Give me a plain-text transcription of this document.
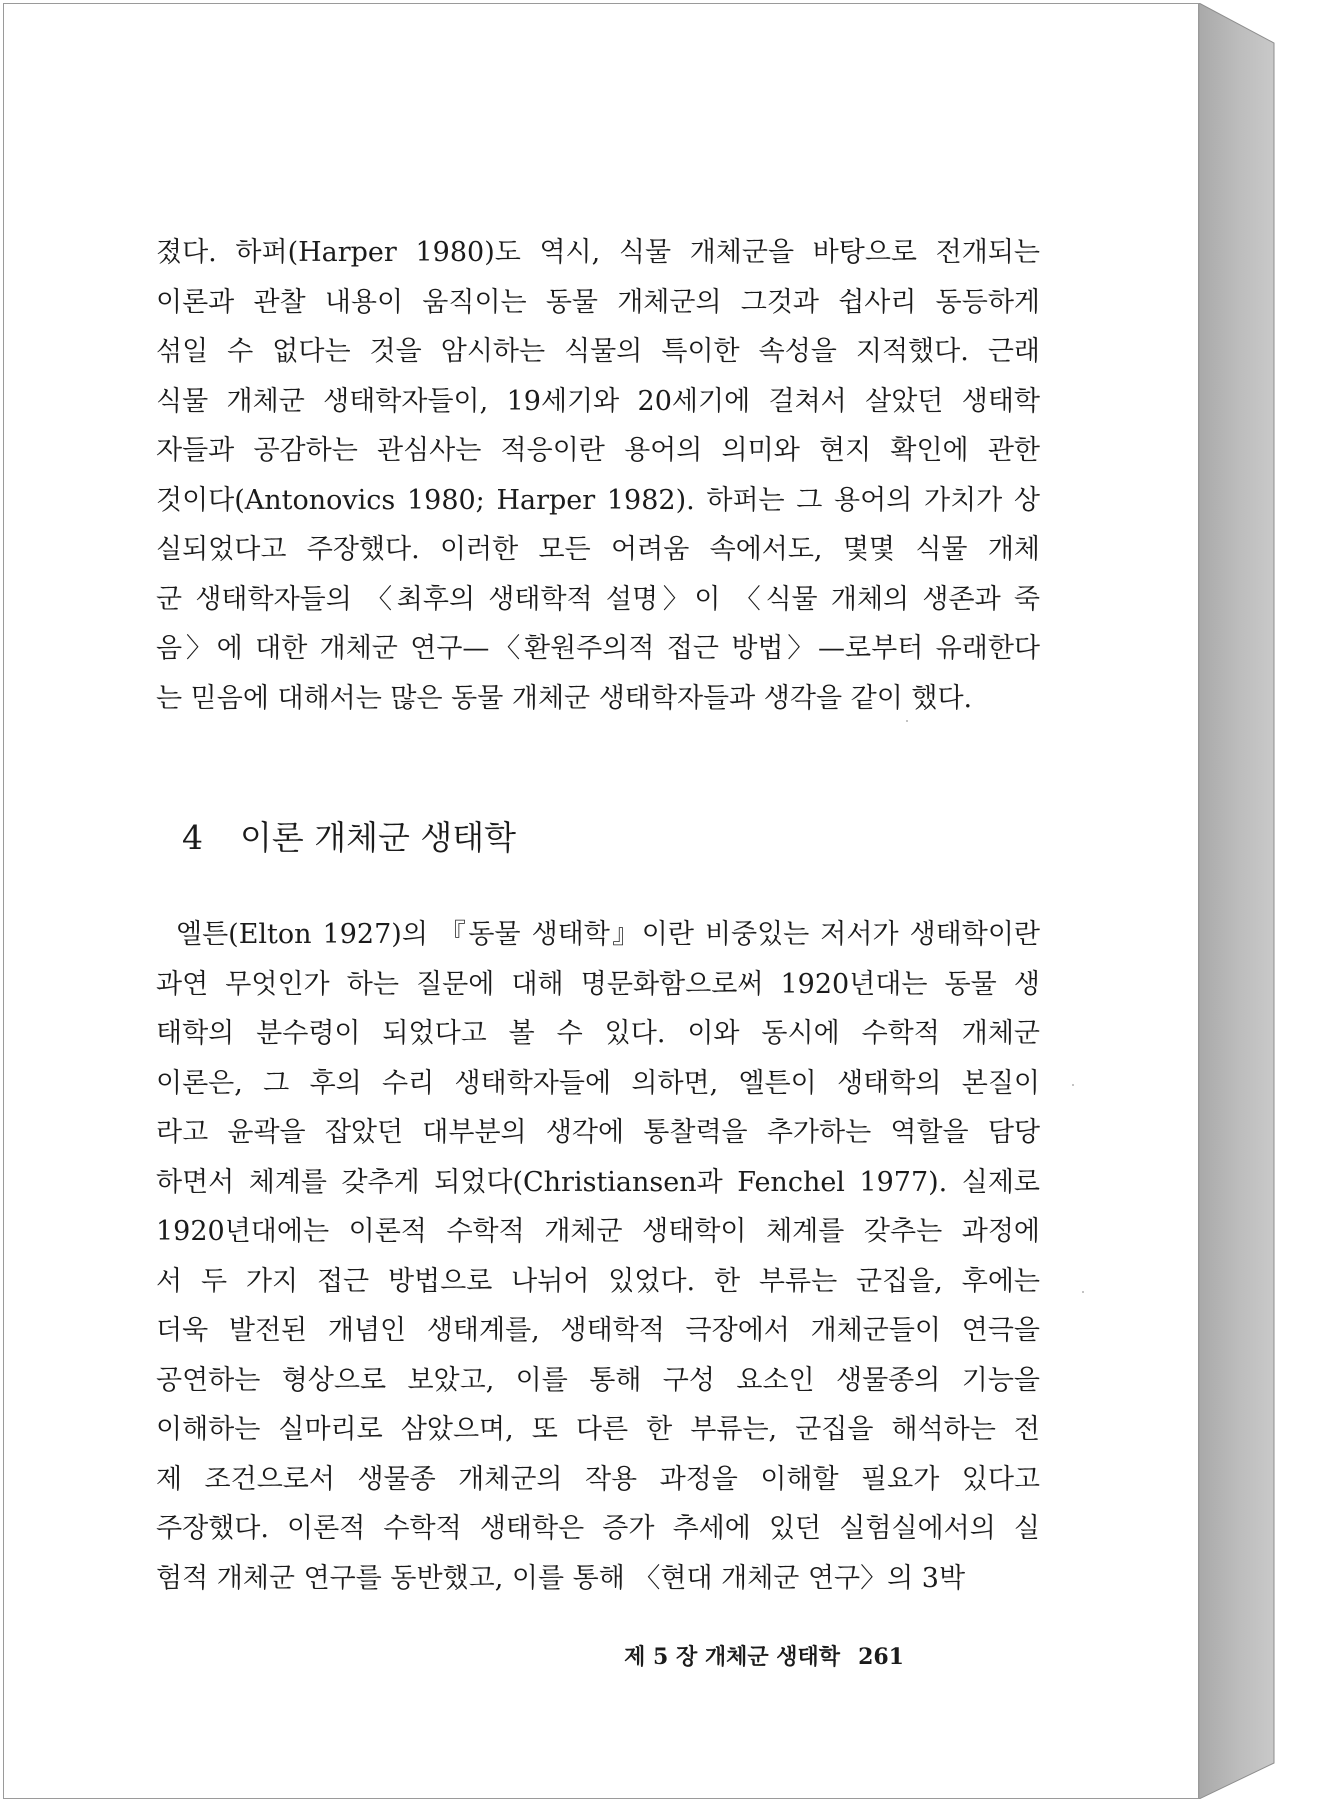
졌다. 하퍼(Harper 1980)도 역시, 식물 개체군을 바탕으로 전개되는

이론과 관찰 내용이 움직이는 동물 개체군의 그것과 쉽사리 동등하게

섞일 수 없다는 것을 암시하는 식물의 특이한 속성을 지적했다. 근래

식물 개체군 생태학자들이, 19세기와 20세기에 걸쳐서 살았던 생태학

자들과 공감하는 관심사는 적응이란 용어의 의미와 현지 확인에 관한

것이다(Antonovics 1980; Harper 1982). 하퍼는 그 용어의 가치가 상

실되었다고 주장했다. 이러한 모든 어려움 속에서도, 몇몇 식물 개체

군 생태학자들의 〈최후의 생태학적 설명〉이 〈식물 개체의 생존과 죽

음〉에 대한 개체군 연구—〈환원주의적 접근 방법〉—로부터 유래한다

는 믿음에 대해서는 많은 동물 개체군 생태학자들과 생각을 같이 했다.

4 이론 개체군 생태학

엘튼(Elton 1927)의 『동물 생태학』이란 비중있는 저서가 생태학이란

과연 무엇인가 하는 질문에 대해 명문화함으로써 1920년대는 동물 생

태학의 분수령이 되었다고 볼 수 있다. 이와 동시에 수학적 개체군

이론은, 그 후의 수리 생태학자들에 의하면, 엘튼이 생태학의 본질이

라고 윤곽을 잡았던 대부분의 생각에 통찰력을 추가하는 역할을 담당

하면서 체계를 갖추게 되었다(Christiansen과 Fenchel 1977). 실제로

1920년대에는 이론적 수학적 개체군 생태학이 체계를 갖추는 과정에

서 두 가지 접근 방법으로 나뉘어 있었다. 한 부류는 군집을, 후에는

더욱 발전된 개념인 생태계를, 생태학적 극장에서 개체군들이 연극을

공연하는 형상으로 보았고, 이를 통해 구성 요소인 생물종의 기능을

이해하는 실마리로 삼았으며, 또 다른 한 부류는, 군집을 해석하는 전

제 조건으로서 생물종 개체군의 작용 과정을 이해할 필요가 있다고

주장했다. 이론적 수학적 생태학은 증가 추세에 있던 실험실에서의 실

험적 개체군 연구를 동반했고, 이를 통해 〈현대 개체군 연구〉의 3박

제 5 장 개체군 생태학 261
